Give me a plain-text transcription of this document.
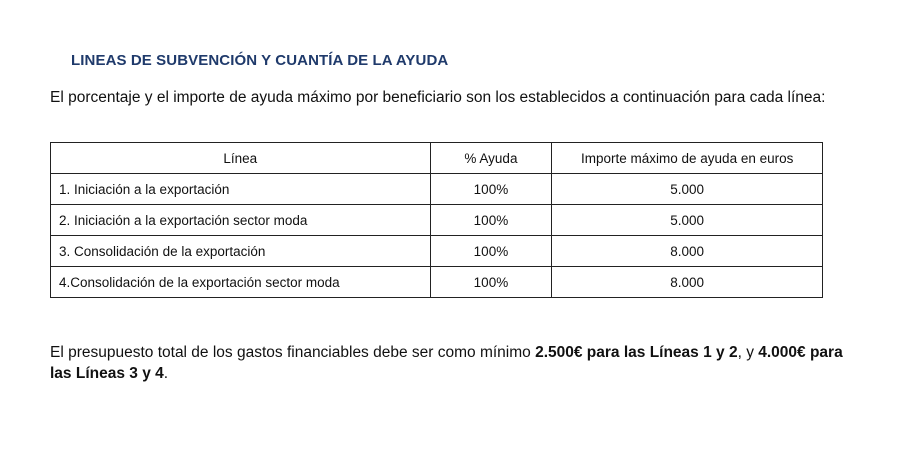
LINEAS DE SUBVENCIÓN Y CUANTÍA DE LA AYUDA

El porcentaje y el importe de ayuda máximo por beneficiario son los establecidos a continuación para cada línea:

Línea	% Ayuda	Importe máximo de ayuda en euros
1. Iniciación a la exportación	100%	5.000
2. Iniciación a la exportación sector moda	100%	5.000
3. Consolidación de la exportación	100%	8.000
4.Consolidación de la exportación sector moda	100%	8.000

El presupuesto total de los gastos financiables debe ser como mínimo 2.500€ para las Líneas 1 y 2, y 4.000€ para las Líneas 3 y 4.
